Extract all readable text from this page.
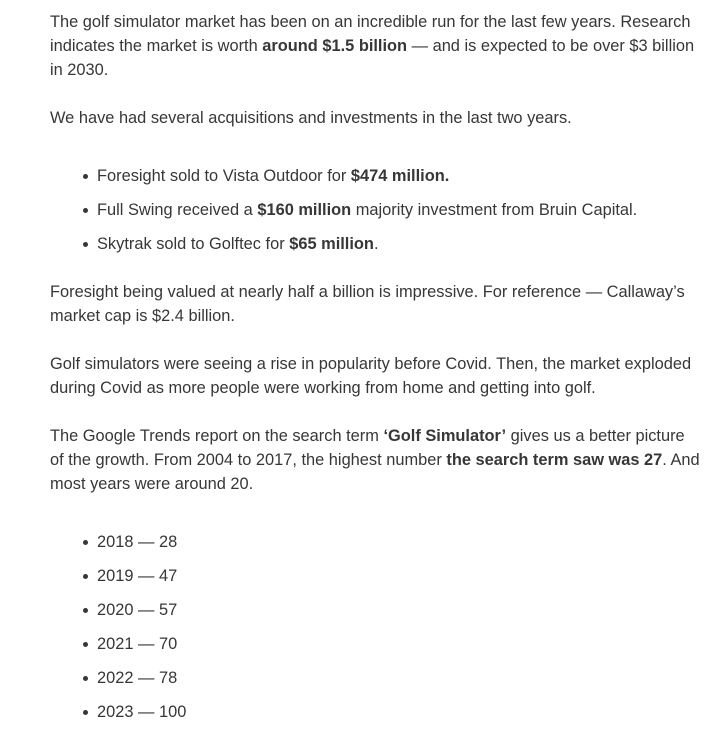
The golf simulator market has been on an incredible run for the last few years. Research indicates the market is worth around $1.5 billion — and is expected to be over $3 billion in 2030.

We have had several acquisitions and investments in the last two years.

Foresight sold to Vista Outdoor for $474 million.
Full Swing received a $160 million majority investment from Bruin Capital.
Skytrak sold to Golftec for $65 million.

Foresight being valued at nearly half a billion is impressive. For reference — Callaway’s market cap is $2.4 billion.

Golf simulators were seeing a rise in popularity before Covid. Then, the market exploded during Covid as more people were working from home and getting into golf.

The Google Trends report on the search term ‘Golf Simulator’ gives us a better picture of the growth. From 2004 to 2017, the highest number the search term saw was 27. And most years were around 20.

2018 — 28
2019 — 47
2020 — 57
2021 — 70
2022 — 78
2023 — 100
